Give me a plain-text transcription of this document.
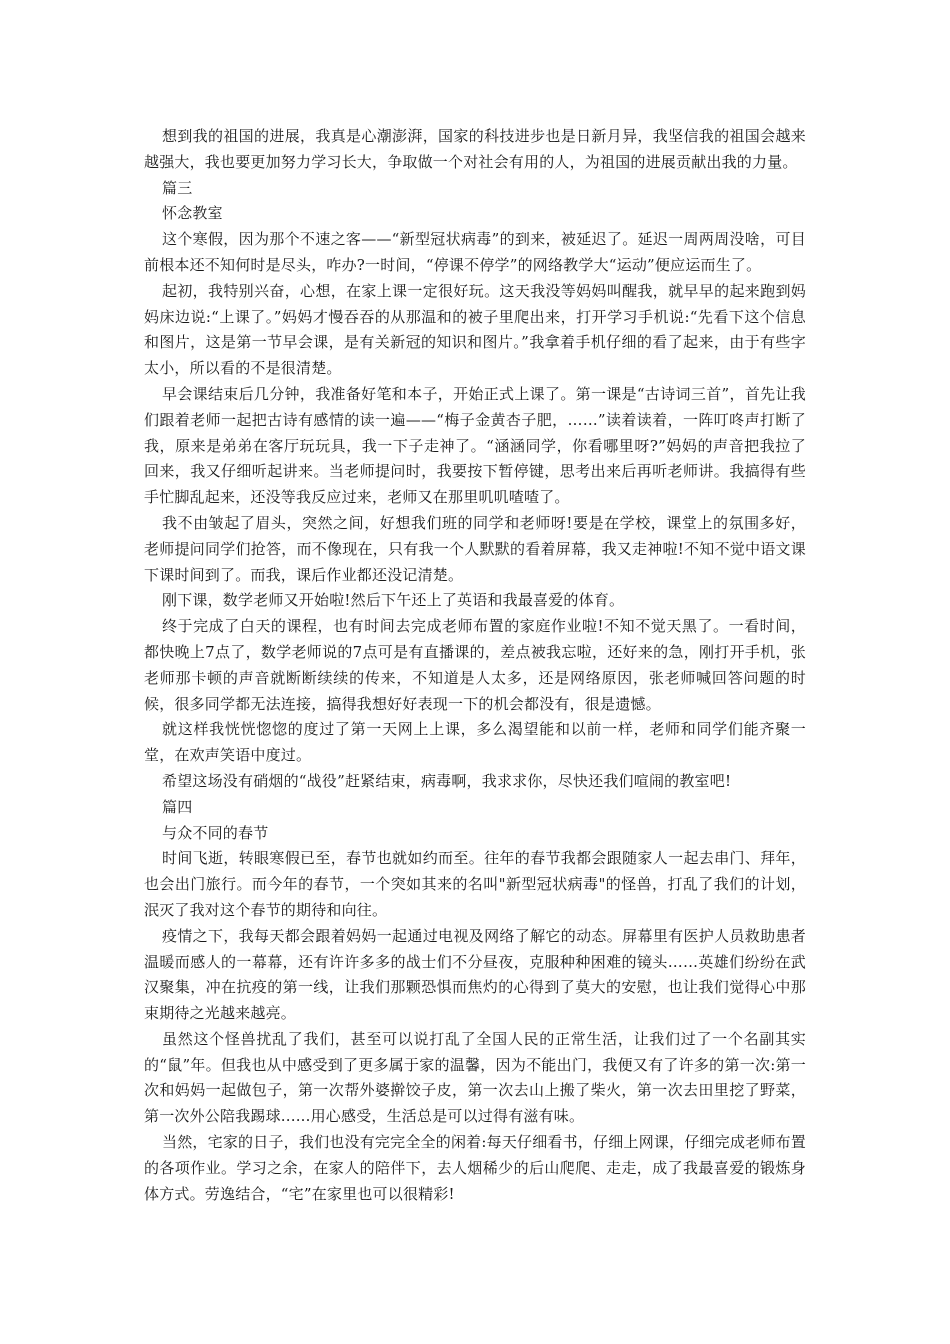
想到我的祖国的进展，我真是心潮澎湃，国家的科技进步也是日新月异，我坚信我的祖国会越来越强大，我也要更加努力学习长大，争取做一个对社会有用的人，为祖国的进展贡献出我的力量。

篇三

怀念教室

这个寒假，因为那个不速之客——“新型冠状病毒”的到来，被延迟了。延迟一周两周没啥，可目前根本还不知何时是尽头，咋办?一时间，“停课不停学”的网络教学大“运动”便应运而生了。

起初，我特别兴奋，心想，在家上课一定很好玩。这天我没等妈妈叫醒我，就早早的起来跑到妈妈床边说:“上课了。”妈妈才慢吞吞的从那温和的被子里爬出来，打开学习手机说:“先看下这个信息和图片，这是第一节早会课，是有关新冠的知识和图片。”我拿着手机仔细的看了起来，由于有些字太小，所以看的不是很清楚。

早会课结束后几分钟，我准备好笔和本子，开始正式上课了。第一课是“古诗词三首”，首先让我们跟着老师一起把古诗有感情的读一遍——“梅子金黄杏子肥，……”读着读着，一阵叮咚声打断了我，原来是弟弟在客厅玩玩具，我一下子走神了。“涵涵同学，你看哪里呀?”妈妈的声音把我拉了回来，我又仔细听起讲来。当老师提问时，我要按下暂停键，思考出来后再听老师讲。我搞得有些手忙脚乱起来，还没等我反应过来，老师又在那里叽叽喳喳了。

我不由皱起了眉头，突然之间，好想我们班的同学和老师呀!要是在学校，课堂上的氛围多好，老师提问同学们抢答，而不像现在，只有我一个人默默的看着屏幕，我又走神啦!不知不觉中语文课下课时间到了。而我，课后作业都还没记清楚。

刚下课，数学老师又开始啦!然后下午还上了英语和我最喜爱的体育。

终于完成了白天的课程，也有时间去完成老师布置的家庭作业啦!不知不觉天黑了。一看时间，都快晚上7点了，数学老师说的7点可是有直播课的，差点被我忘啦，还好来的急，刚打开手机，张老师那卡顿的声音就断断续续的传来，不知道是人太多，还是网络原因，张老师喊回答问题的时候，很多同学都无法连接，搞得我想好好表现一下的机会都没有，很是遗憾。

就这样我恍恍惚惚的度过了第一天网上上课，多么渴望能和以前一样，老师和同学们能齐聚一堂，在欢声笑语中度过。

希望这场没有硝烟的“战役”赶紧结束，病毒啊，我求求你，尽快还我们喧闹的教室吧!

篇四

与众不同的春节

时间飞逝，转眼寒假已至，春节也就如约而至。往年的春节我都会跟随家人一起去串门、拜年，也会出门旅行。而今年的春节，一个突如其来的名叫"新型冠状病毒"的怪兽，打乱了我们的计划，泯灭了我对这个春节的期待和向往。

疫情之下，我每天都会跟着妈妈一起通过电视及网络了解它的动态。屏幕里有医护人员救助患者温暖而感人的一幕幕，还有许许多多的战士们不分昼夜，克服种种困难的镜头……英雄们纷纷在武汉聚集，冲在抗疫的第一线，让我们那颗恐惧而焦灼的心得到了莫大的安慰，也让我们觉得心中那束期待之光越来越亮。

虽然这个怪兽扰乱了我们，甚至可以说打乱了全国人民的正常生活，让我们过了一个名副其实的“鼠”年。但我也从中感受到了更多属于家的温馨，因为不能出门，我便又有了许多的第一次:第一次和妈妈一起做包子，第一次帮外婆擀饺子皮，第一次去山上搬了柴火，第一次去田里挖了野菜，第一次外公陪我踢球......用心感受，生活总是可以过得有滋有味。

当然，宅家的日子，我们也没有完完全全的闲着:每天仔细看书，仔细上网课，仔细完成老师布置的各项作业。学习之余，在家人的陪伴下，去人烟稀少的后山爬爬、走走，成了我最喜爱的锻炼身体方式。劳逸结合，“宅”在家里也可以很精彩!
